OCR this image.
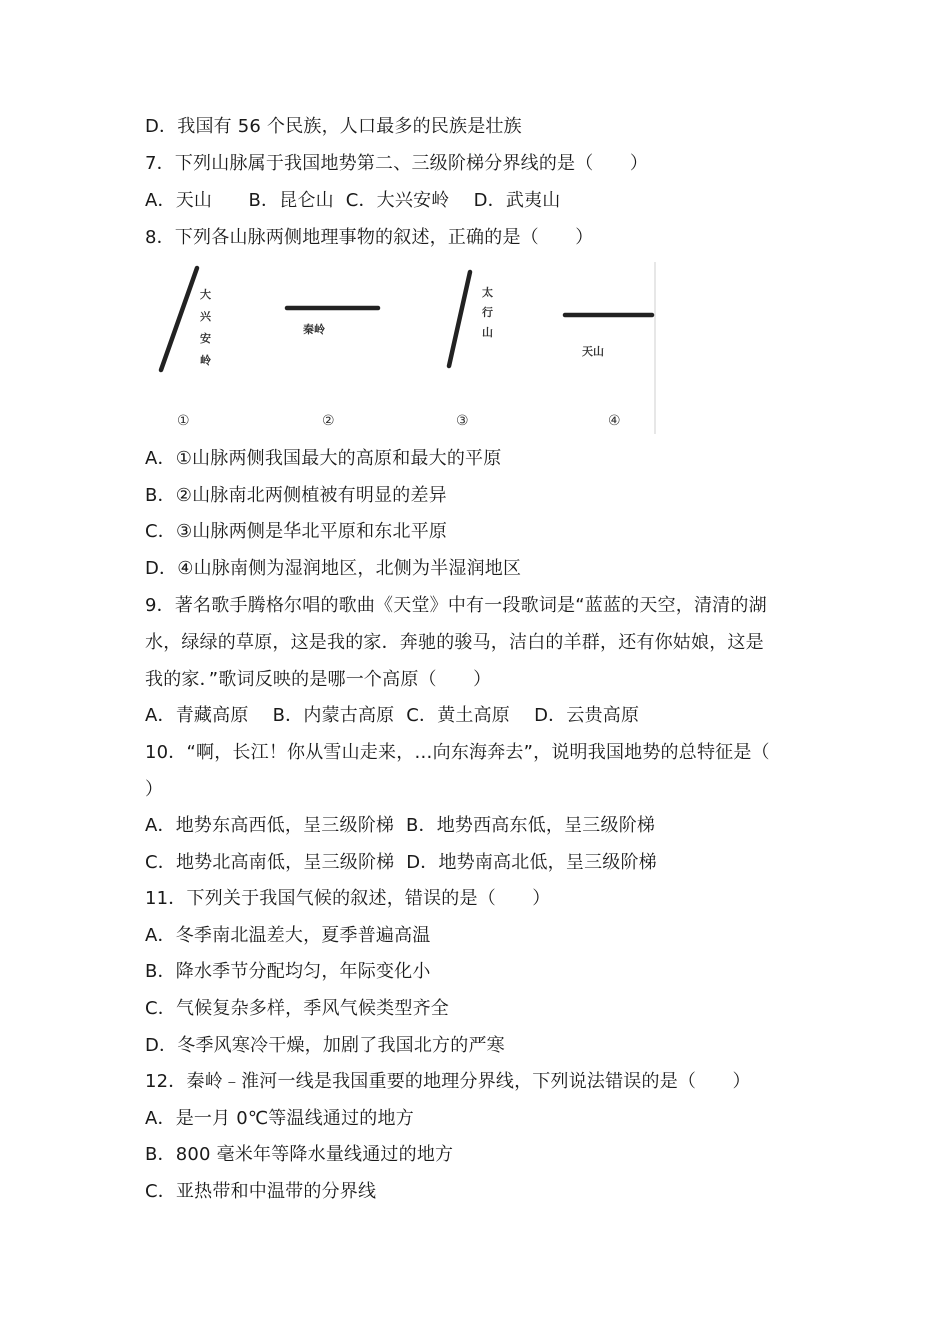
D．我国有 56 个民族，人口最多的民族是壮族
7．下列山脉属于我国地势第二、三级阶梯分界线的是（　　）
A．天山　　B．昆仑山  C．大兴安岭　 D．武夷山
8．下列各山脉两侧地理事物的叙述，正确的是（　　）
大
兴
安
岭
秦岭
太
行
山
天山
①	②	③	④
A．①山脉两侧我国最大的高原和最大的平原
B．②山脉南北两侧植被有明显的差异
C．③山脉两侧是华北平原和东北平原
D．④山脉南侧为湿润地区，北侧为半湿润地区
9．著名歌手腾格尔唱的歌曲《天堂》中有一段歌词是“蓝蓝的天空，清清的湖
水，绿绿的草原，这是我的家．奔驰的骏马，洁白的羊群，还有你姑娘，这是
我的家．”歌词反映的是哪一个高原（　　）
A．青藏高原　 B．内蒙古高原  C．黄土高原　 D．云贵高原
10．“啊，长江！你从雪山走来，…向东海奔去”，说明我国地势的总特征是（
）
A．地势东高西低，呈三级阶梯  B．地势西高东低，呈三级阶梯
C．地势北高南低，呈三级阶梯  D．地势南高北低，呈三级阶梯
11．下列关于我国气候的叙述，错误的是（　　）
A．冬季南北温差大，夏季普遍高温
B．降水季节分配均匀，年际变化小
C．气候复杂多样，季风气候类型齐全
D．冬季风寒冷干燥，加剧了我国北方的严寒
12．秦岭﹣淮河一线是我国重要的地理分界线，下列说法错误的是（　　）
A．是一月 0℃等温线通过的地方
B．800 毫米年等降水量线通过的地方
C．亚热带和中温带的分界线
